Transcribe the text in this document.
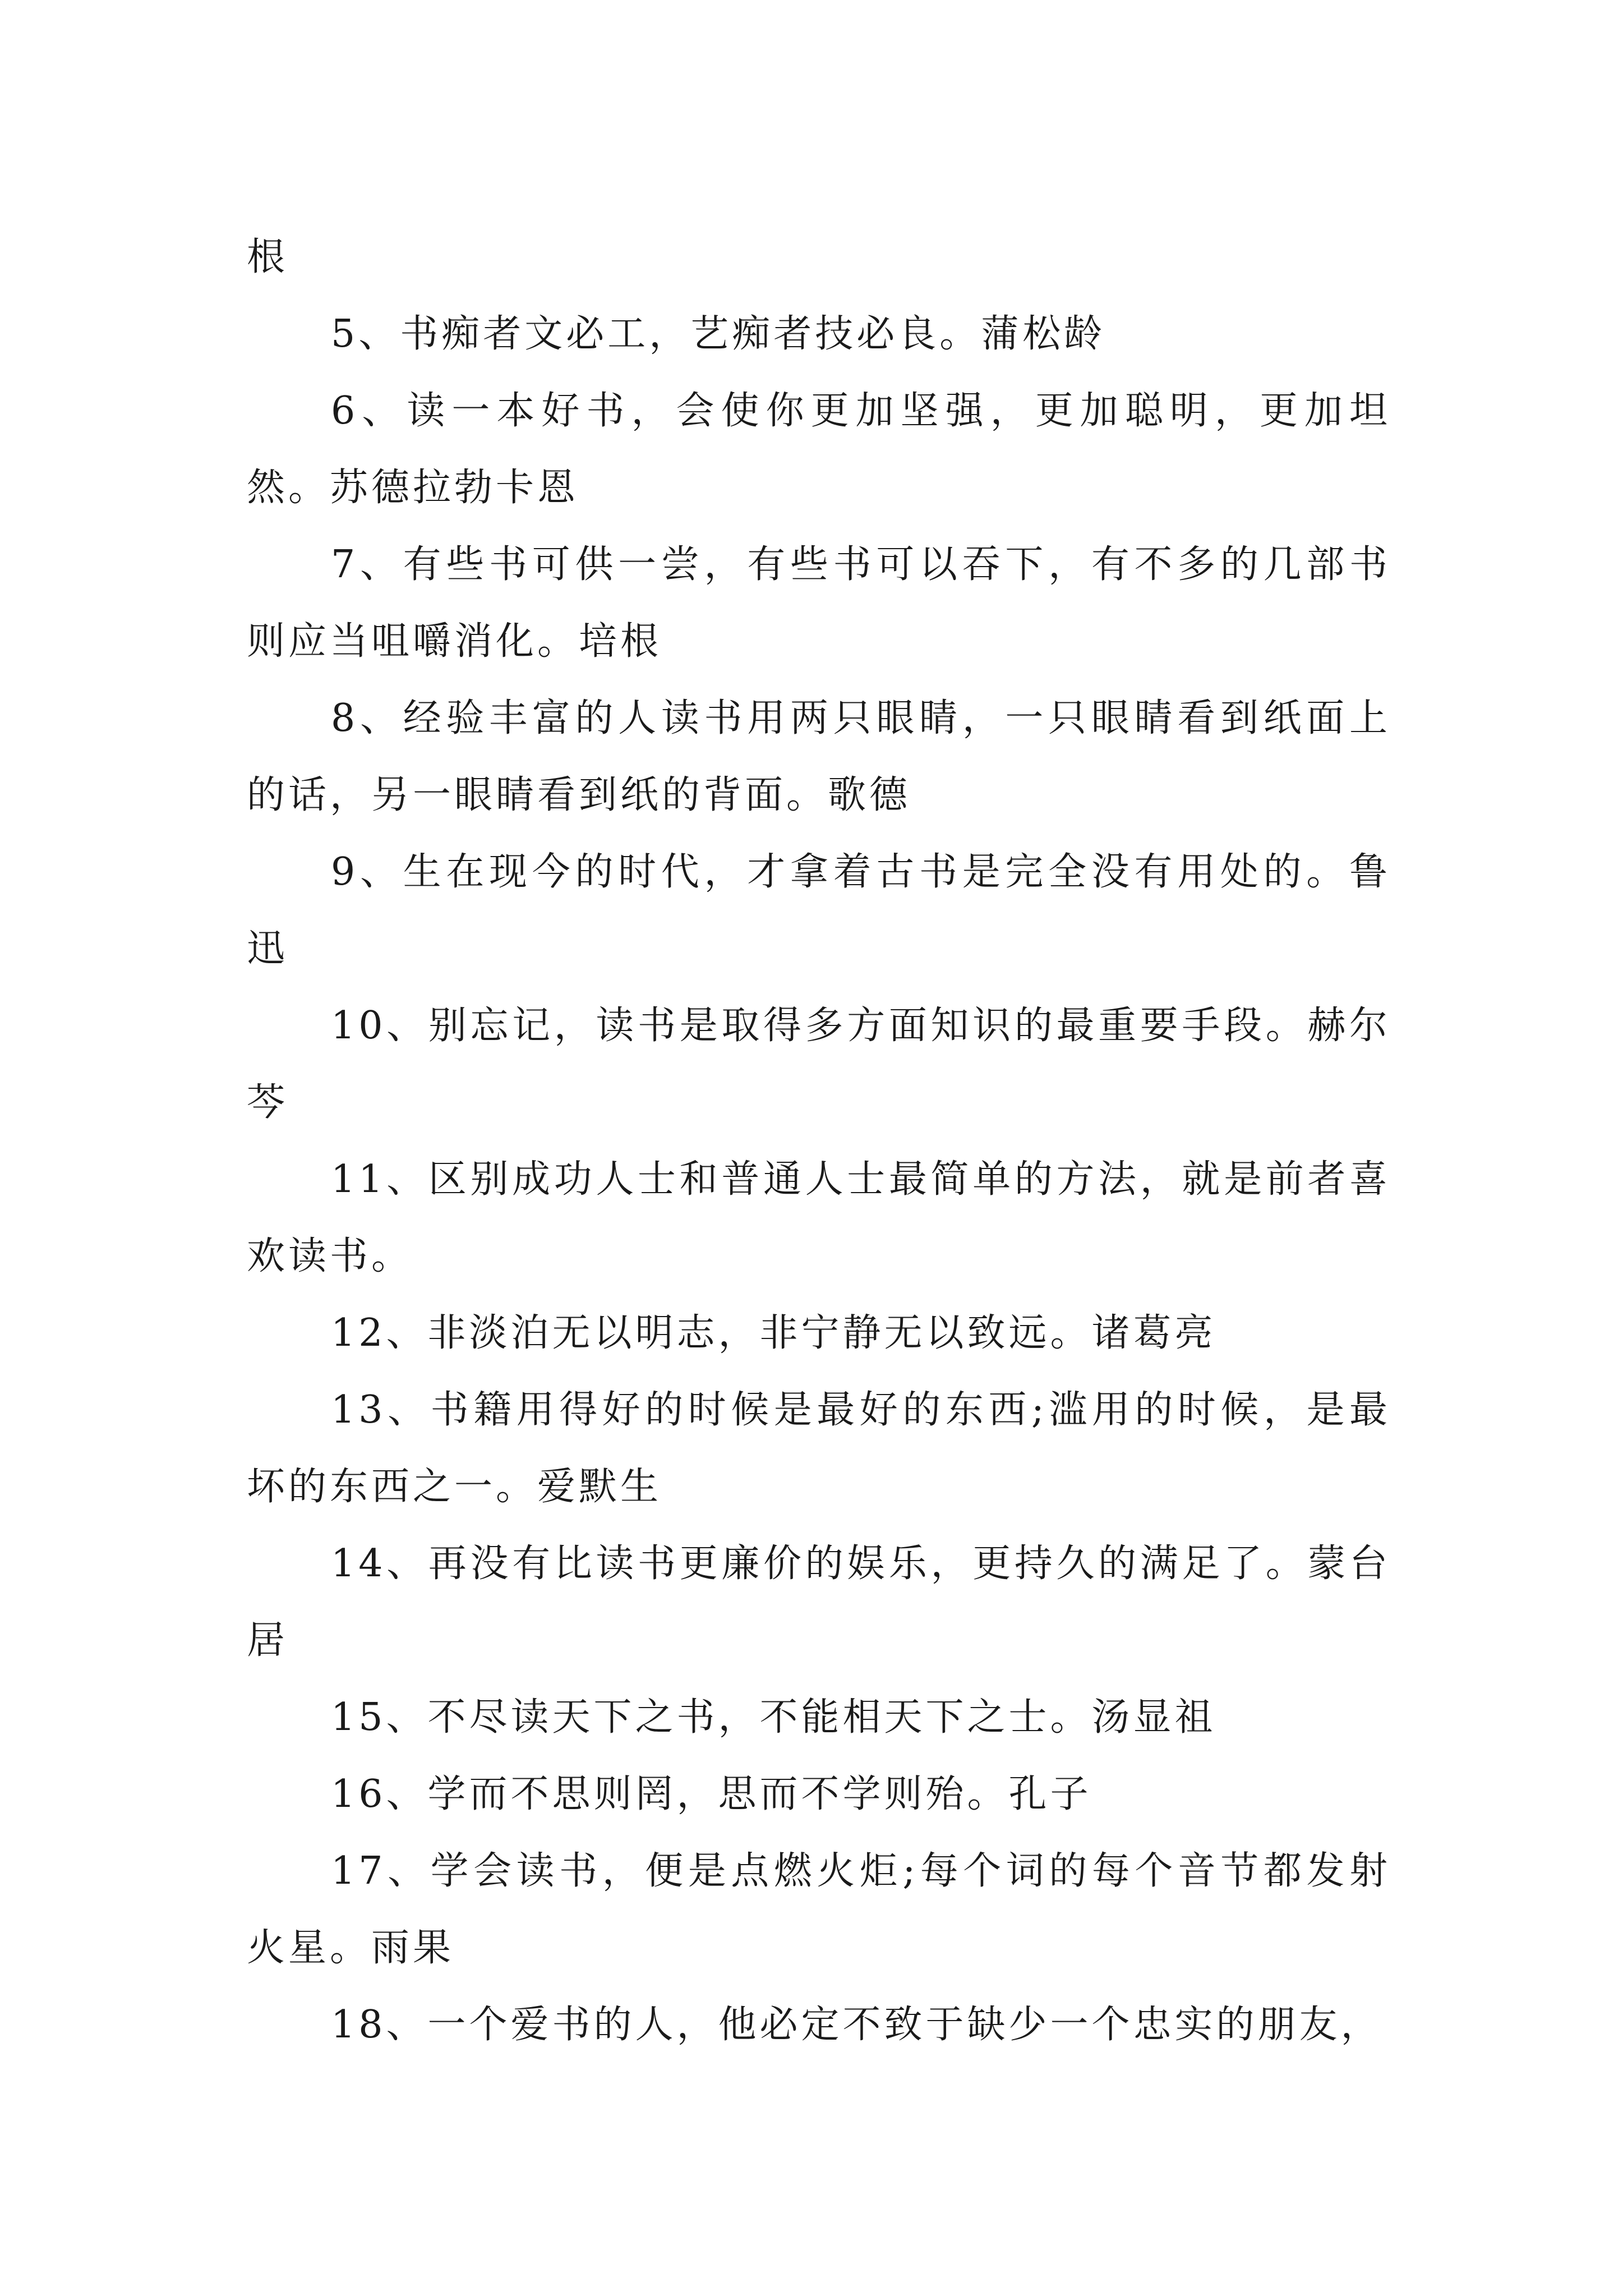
根

5、书痴者文必工，艺痴者技必良。蒲松龄

6、读一本好书，会使你更加坚强，更加聪明，更加坦然。苏德拉勃卡恩

7、有些书可供一尝，有些书可以吞下，有不多的几部书则应当咀嚼消化。培根

8、经验丰富的人读书用两只眼睛，一只眼睛看到纸面上的话，另一眼睛看到纸的背面。歌德

9、生在现今的时代，才拿着古书是完全没有用处的。鲁迅

10、别忘记，读书是取得多方面知识的最重要手段。赫尔芩

11、区别成功人士和普通人士最简单的方法，就是前者喜欢读书。

12、非淡泊无以明志，非宁静无以致远。诸葛亮

13、书籍用得好的时候是最好的东西;滥用的时候，是最坏的东西之一。爱默生

14、再没有比读书更廉价的娱乐，更持久的满足了。蒙台居

15、不尽读天下之书，不能相天下之士。汤显祖

16、学而不思则罔，思而不学则殆。孔子

17、学会读书，便是点燃火炬;每个词的每个音节都发射火星。雨果

18、一个爱书的人，他必定不致于缺少一个忠实的朋友，
